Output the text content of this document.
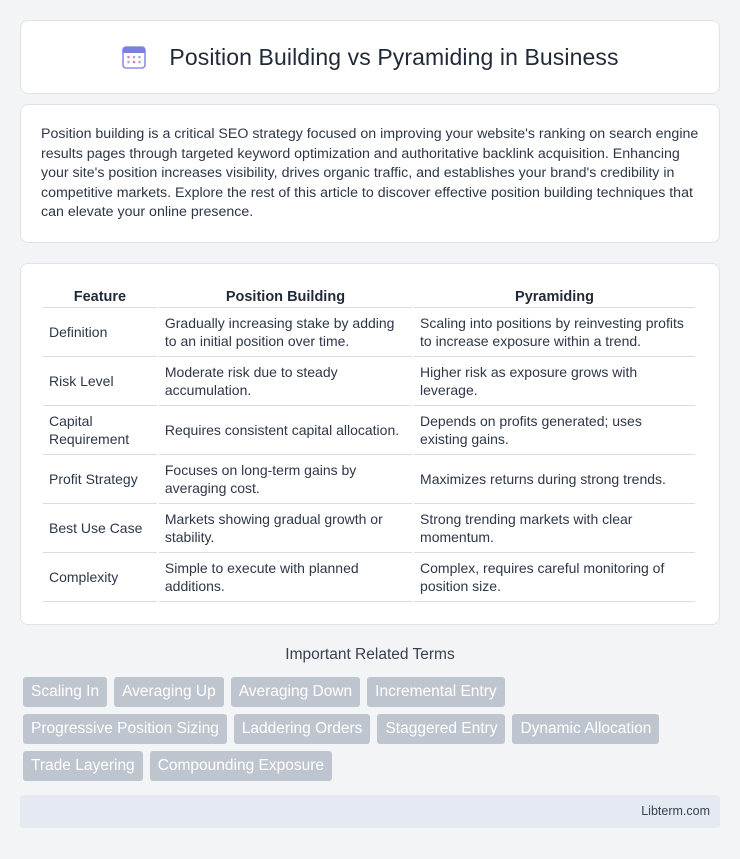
Position Building vs Pyramiding in Business

Position building is a critical SEO strategy focused on improving your website's ranking on search engine results pages through targeted keyword optimization and authoritative backlink acquisition. Enhancing your site's position increases visibility, drives organic traffic, and establishes your brand's credibility in competitive markets. Explore the rest of this article to discover effective position building techniques that can elevate your online presence.

Feature	Position Building	Pyramiding
Definition	Gradually increasing stake by adding to an initial position over time.	Scaling into positions by reinvesting profits to increase exposure within a trend.
Risk Level	Moderate risk due to steady accumulation.	Higher risk as exposure grows with leverage.
Capital Requirement	Requires consistent capital allocation.	Depends on profits generated; uses existing gains.
Profit Strategy	Focuses on long-term gains by averaging cost.	Maximizes returns during strong trends.
Best Use Case	Markets showing gradual growth or stability.	Strong trending markets with clear momentum.
Complexity	Simple to execute with planned additions.	Complex, requires careful monitoring of position size.
Important Related Terms
Scaling In	Averaging Up	Averaging Down	Incremental Entry
Progressive Position Sizing	Laddering Orders	Staggered Entry	Dynamic Allocation
Trade Layering	Compounding Exposure
Libterm.com
